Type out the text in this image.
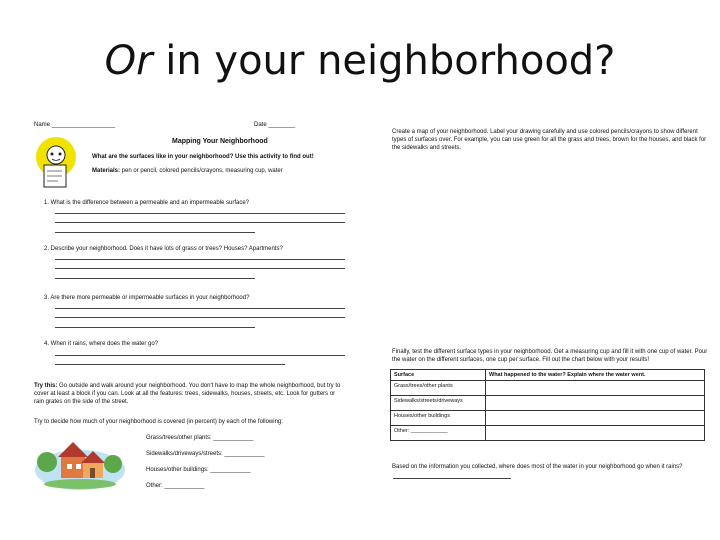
Or in your neighborhood?
Name ___________________	Date ________
Mapping Your Neighborhood
What are the surfaces like in your neighborhood? Use this activity to find out!
Materials: pen or pencil, colored pencils/crayons, measuring cup, water
1. What is the difference between a permeable and an impermeable surface?
2. Describe your neighborhood. Does it have lots of grass or trees? Houses? Apartments?
3. Are there more permeable or impermeable surfaces in your neighborhood?
4. When it rains, where does the water go?
Try this: Go outside and walk around your neighborhood. You don't have to map the whole neighborhood, but try to cover at least a block if you can. Look at all the features: trees, sidewalks, houses, streets, etc. Look for gutters or rain grates on the side of the street.
Try to decide how much of your neighborhood is covered (in percent) by each of the following:
Grass/trees/other plants: ____________
Sidewalks/driveways/streets: ____________
Houses/other buildings: ____________
Other: ____________
Create a map of your neighborhood. Label your drawing carefully and use colored pencils/crayons to show different types of surfaces over. For example, you can use green for all the grass and trees, brown for the houses, and black for the sidewalks and streets.
Finally, test the different surface types in your neighborhood. Get a measuring cup and fill it with one cup of water. Pour the water on the different surfaces, one cup per surface. Fill out the chart below with your results!
Surface	What happened to the water? Explain where the water went.
Grass/trees/other plants	
Sidewalks/streets/driveways	
Houses/other buildings	
Other: ____________	
Based on the information you collected, where does most of the water in your neighborhood go when it rains?
